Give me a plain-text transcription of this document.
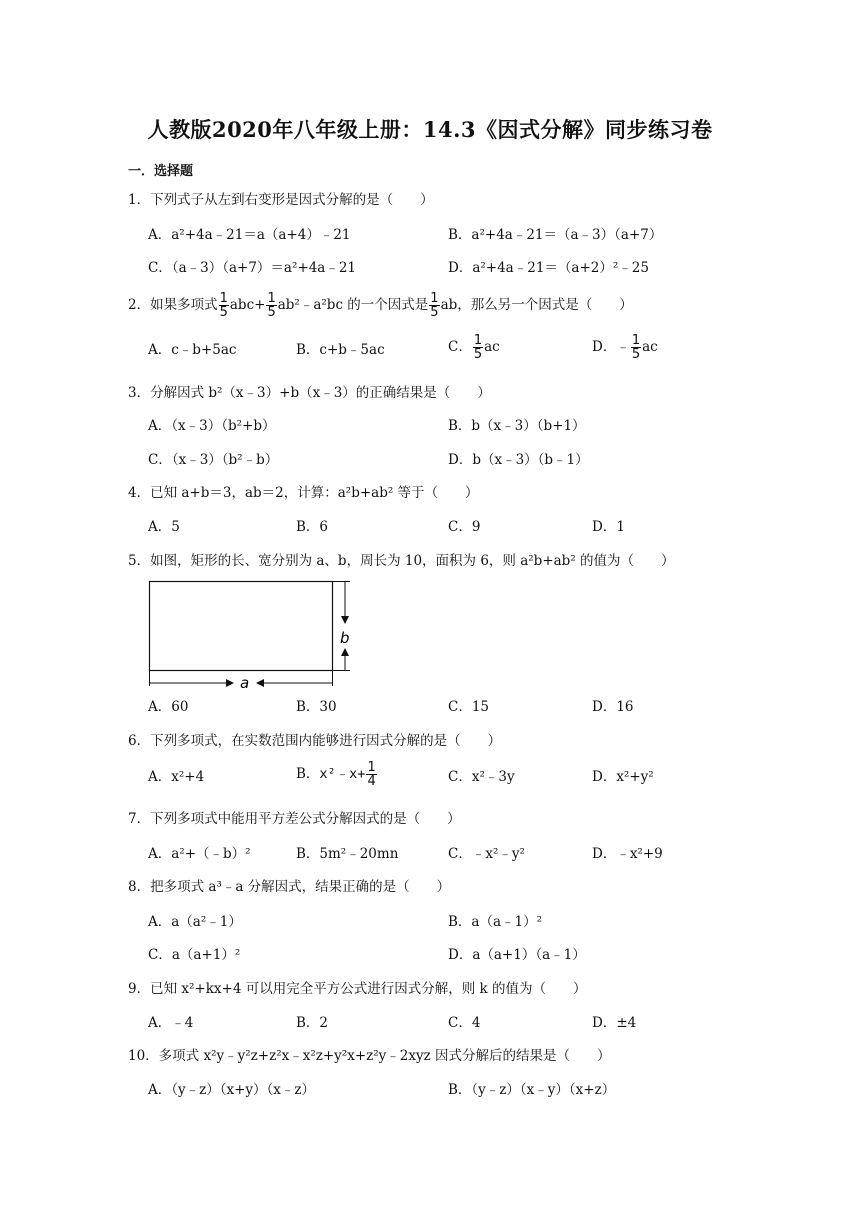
人教版2020年八年级上册：14.3《因式分解》同步练习卷
一．选择题
1．下列式子从左到右变形是因式分解的是（　　）
A．a²+4a﹣21＝a（a+4）﹣21	B．a²+4a﹣21＝（a﹣3）（a+7）
C．（a﹣3）（a+7）＝a²+4a﹣21	D．a²+4a﹣21＝（a+2）²﹣25
2．如果多项式 $\frac{1}{5} abc+ \frac{1}{5}$ ab²﹣a²bc 的一个因式是 $\frac{1}{5}$ ab，那么另一个因式是（　　）
A．c﹣b+5ac	B．c+b﹣5ac	C． $\frac{1}{5}$ ac	D．﹣ $\frac{1}{5}$ ac
3．分解因式 b²（x﹣3）+b（x﹣3）的正确结果是（　　）
A．（x﹣3）（b²+b）	B．b（x﹣3）（b+1）
C．（x﹣3）（b²﹣b）	D．b（x﹣3）（b﹣1）
4．已知 a+b＝3，ab＝2，计算：a²b+ab² 等于（　　）
A．5	B．6	C．9	D．1
5．如图，矩形的长、宽分别为 a、b，周长为 10，面积为 6，则 a²b+ab² 的值为（　　）
a
b
A．60	B．30	C．15	D．16
6．下列多项式，在实数范围内能够进行因式分解的是（　　）
A．x²+4	B．x²﹣x+ $\frac{1}{4}$	C．x²﹣3y	D．x²+y²
7．下列多项式中能用平方差公式分解因式的是（　　）
A．a²+（﹣b）²	B．5m²﹣20mn	C．﹣x²﹣y²	D．﹣x²+9
8．把多项式 a³﹣a 分解因式，结果正确的是（　　）
A．a（a²﹣1）	B．a（a﹣1）²
C．a（a+1）²	D．a（a+1）（a﹣1）
9．已知 x²+kx+4 可以用完全平方公式进行因式分解，则 k 的值为（　　）
A．﹣4	B．2	C．4	D．±4
10．多项式 x²y﹣y²z+z²x﹣x²z+y²x+z²y﹣2xyz 因式分解后的结果是（　　）
A．（y﹣z）（x+y）（x﹣z）	B．（y﹣z）（x﹣y）（x+z）
